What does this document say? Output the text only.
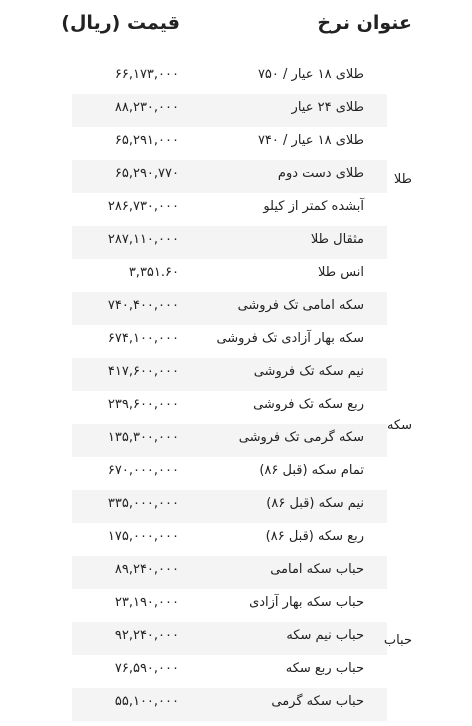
عنوان نرخ
قیمت (ریال)
طلای ۱۸ عیار / ۷۵۰
۶۶,۱۷۳,۰۰۰
طلای ۲۴ عیار
۸۸,۲۳۰,۰۰۰
طلای ۱۸ عیار / ۷۴۰
۶۵,۲۹۱,۰۰۰
طلای دست دوم
۶۵,۲۹۰,۷۷۰
آبشده کمتر از کیلو
۲۸۶,۷۳۰,۰۰۰
مثقال طلا
۲۸۷,۱۱۰,۰۰۰
انس طلا
۳,۳۵۱.۶۰
سکه امامی تک فروشی
۷۴۰,۴۰۰,۰۰۰
سکه بهار آزادی تک فروشی
۶۷۴,۱۰۰,۰۰۰
نیم سکه تک فروشی
۴۱۷,۶۰۰,۰۰۰
ربع سکه تک فروشی
۲۳۹,۶۰۰,۰۰۰
سکه گرمی تک فروشی
۱۳۵,۳۰۰,۰۰۰
تمام سکه (قبل ۸۶)
۶۷۰,۰۰۰,۰۰۰
نیم سکه (قبل ۸۶)
۳۳۵,۰۰۰,۰۰۰
ربع سکه (قبل ۸۶)
۱۷۵,۰۰۰,۰۰۰
حباب سکه امامی
۸۹,۲۴۰,۰۰۰
حباب سکه بهار آزادی
۲۳,۱۹۰,۰۰۰
حباب نیم سکه
۹۲,۲۴۰,۰۰۰
حباب ربع سکه
۷۶,۵۹۰,۰۰۰
حباب سکه گرمی
۵۵,۱۰۰,۰۰۰
طلا
سکه
حباب
